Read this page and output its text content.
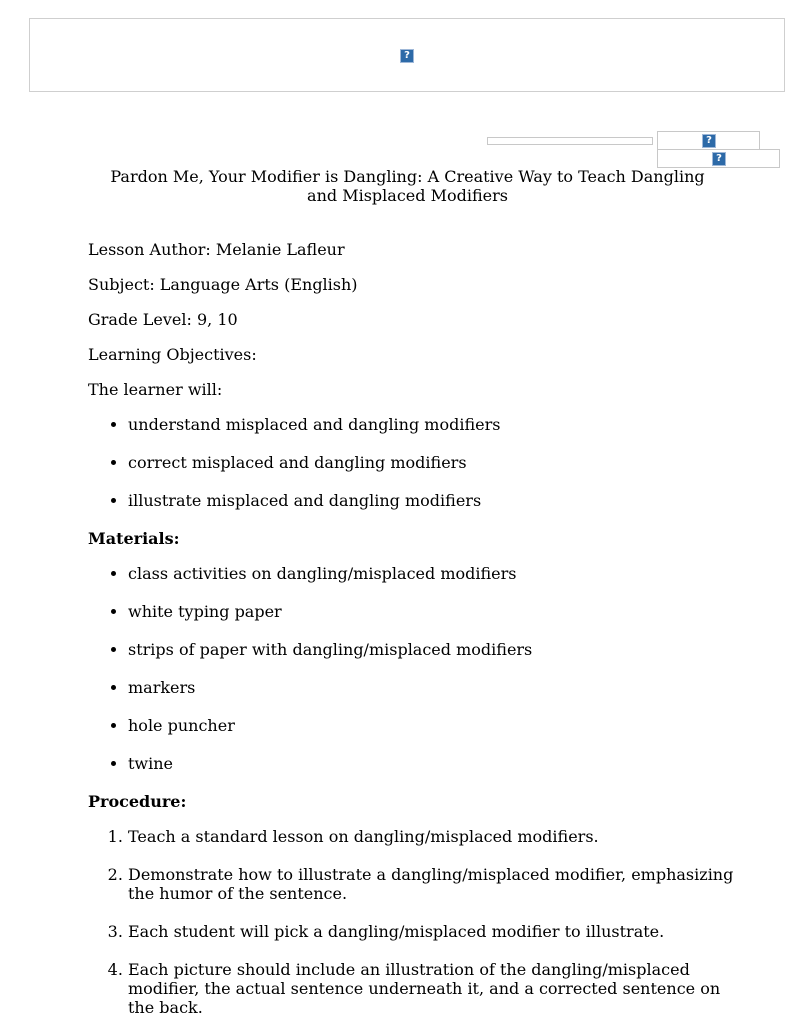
?
?
?
Pardon Me, Your Modifier is Dangling: A Creative Way to Teach Dangling and Misplaced Modifiers

Lesson Author: Melanie Lafleur

Subject: Language Arts (English)

Grade Level: 9, 10

Learning Objectives:

The learner will:

• understand misplaced and dangling modifiers
• correct misplaced and dangling modifiers
• illustrate misplaced and dangling modifiers

Materials:

• class activities on dangling/misplaced modifiers
• white typing paper
• strips of paper with dangling/misplaced modifiers
• markers
• hole puncher
• twine

Procedure:

1. Teach a standard lesson on dangling/misplaced modifiers.
2. Demonstrate how to illustrate a dangling/misplaced modifier, emphasizing the humor of the sentence.
3. Each student will pick a dangling/misplaced modifier to illustrate.
4. Each picture should include an illustration of the dangling/misplaced modifier, the actual sentence underneath it, and a corrected sentence on the back.
